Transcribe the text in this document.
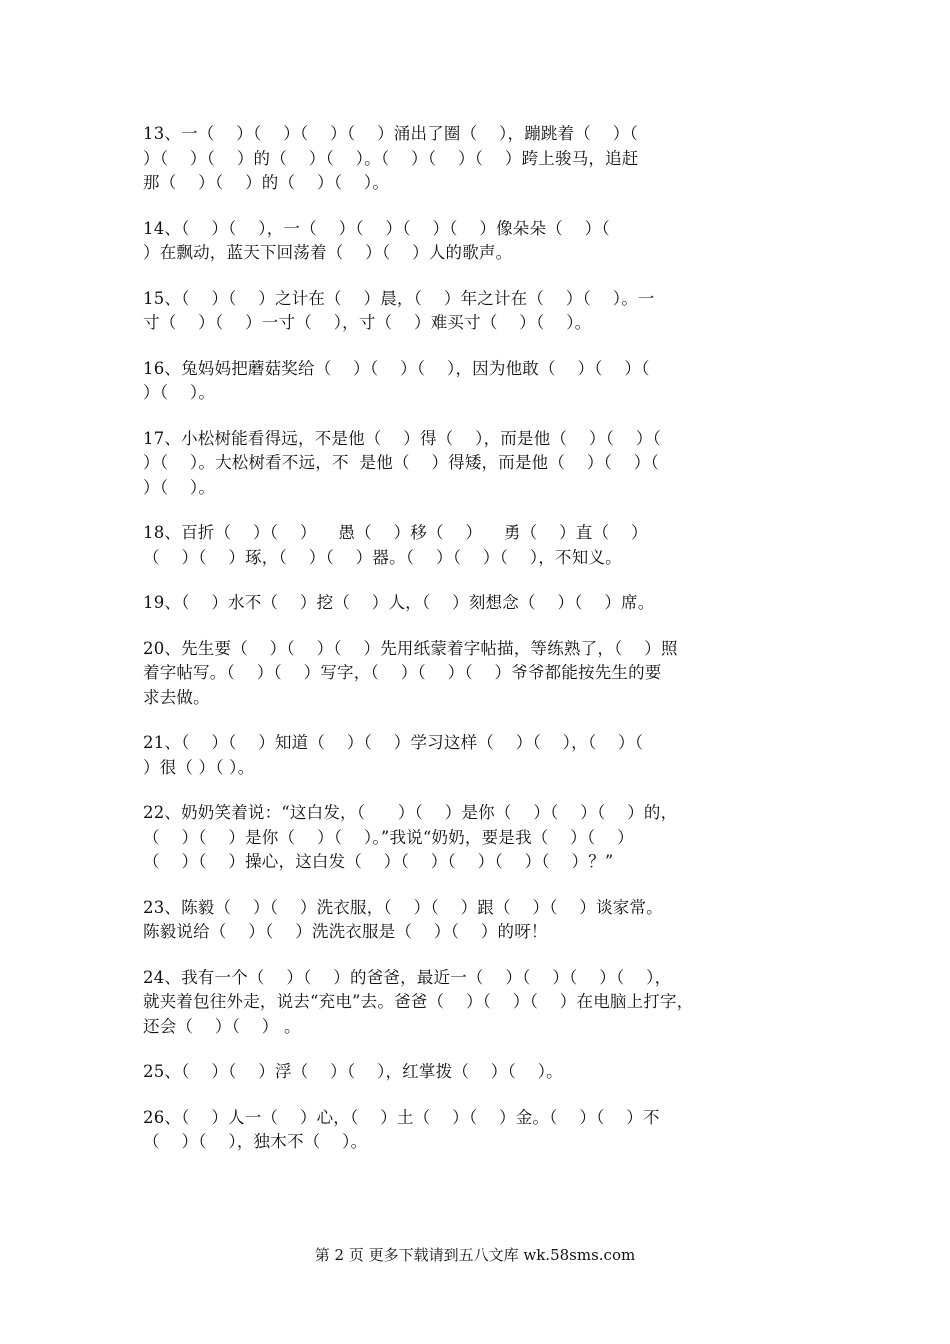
13、一（    ）（    ）（    ）（    ）涌出了圈（    ），蹦跳着（    ）（
）（    ）（    ）的（    ）（    ）。（    ）（    ）（    ）跨上骏马，追赶
那（    ）（    ）的（    ）（    ）。
14、（    ）（    ），一（    ）（    ）（    ）（    ）像朵朵（    ）（
）在飘动，蓝天下回荡着（    ）（    ）人的歌声。
15、（    ）（    ）之计在（    ）晨，（    ）年之计在（    ）（    ）。一
寸（    ）（    ）一寸（    ），寸（    ）难买寸（    ）（    ）。
16、兔妈妈把蘑菇奖给（    ）（    ）（    ），因为他敢（    ）（    ）（
）（    ）。
17、小松树能看得远，不是他（    ）得（    ），而是他（    ）（    ）（
）（    ）。大松树看不远，不  是他（    ）得矮，而是他（    ）（    ）（
）（    ）。
18、百折（    ）（    ）    愚（    ）移（    ）    勇（    ）直（    ）
（    ）（    ）琢，（    ）（    ）器。（    ）（    ）（    ），不知义。
19、（    ）水不（    ）挖（    ）人，（    ）刻想念（    ）（    ）席。
20、先生要（    ）（    ）（    ）先用纸蒙着字帖描，等练熟了，（    ）照
着字帖写。（    ）（    ）写字，（    ）（    ）（    ）爷爷都能按先生的要
求去做。
21、（    ）（    ）知道（    ）（    ）学习这样（    ）（    ），（    ）（
）很（ ）（ ）。
22、奶奶笑着说：“这白发，（      ）（    ）是你（    ）（    ）（    ）的，
（    ）（    ）是你（    ）（    ）。”我说“奶奶，要是我（    ）（    ）
（    ）（    ）操心，这白发（    ）（    ）（    ）（    ）（    ）？”
23、陈毅（    ）（    ）洗衣服，（    ）（    ）跟（    ）（    ）谈家常。
陈毅说给（    ）（    ）洗洗衣服是（    ）（    ）的呀！
24、我有一个（    ）（    ）的爸爸，最近一（    ）（    ）（    ）（    ），
就夹着包往外走，说去“充电”去。爸爸（    ）（    ）（    ）在电脑上打字，
还会（    ）（    ） 。
25、（    ）（    ）浮（    ）（    ），红掌拨（    ）（    ）。
26、（    ）人一（    ）心，（    ）土（    ）（    ）金。（    ）（    ）不
（    ）（    ），独木不（    ）。
第 2 页 更多下载请到五八文库 wk.58sms.com
